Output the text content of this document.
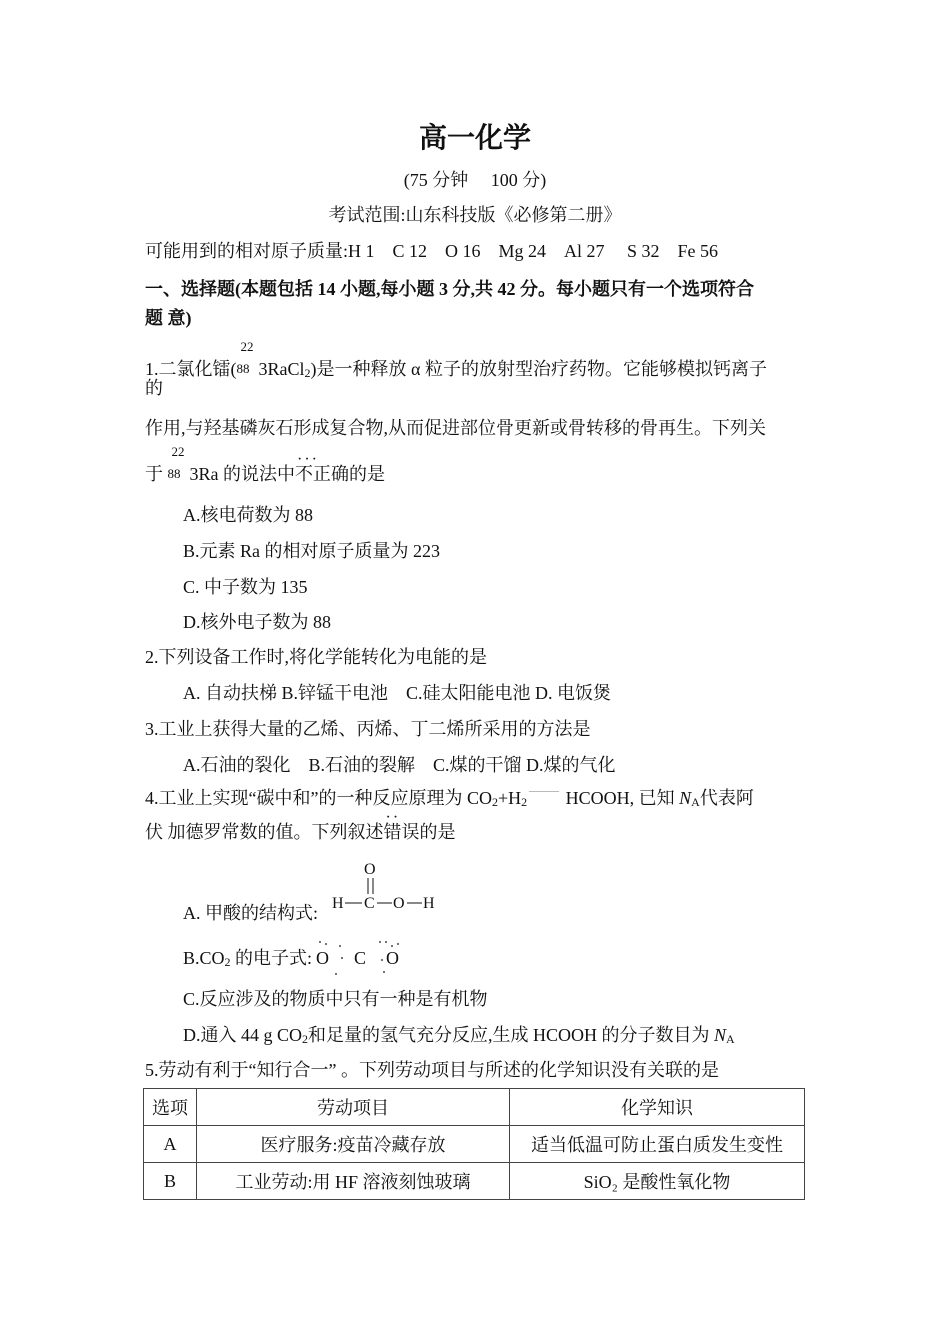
高一化学
(75 分钟　 100 分)
考试范围:山东科技版《必修第二册》
可能用到的相对原子质量:H 1　C 12　O 16　Mg 24　Al 27　 S 32　Fe 56
一、选择题(本题包括 14 小题,每小题 3 分,共 42 分。每小题只有一个选项符合
题 意)
1.二氯化镭(
22
88 3RaCl$_2$)是一种释放 α 粒子的放射型治疗药物。它能够模拟钙离子
的
作用,与羟基磷灰石形成复合物,从而促进部位骨更新或骨转移的骨再生。下列关
于
22
88 3Ra 的说法中· · 不正确的是
A.核电荷数为 88
B.元素 Ra 的相对原子质量为 223
C. 中子数为 135
D.核外电子数为 88
2.下列设备工作时,将化学能转化为电能的是
A. 自动扶梯 B.锌锰干电池　C.硅太阳能电池 D. 电饭煲
3.工业上获得大量的乙烯、丙烯、丁二烯所采用的方法是
A.石油的裂化　B.石油的裂解　C.煤的干馏 D.煤的气化
4.工业上实现“碳中和”的一种反应原理为 $CO_2+H_2$ HCOOH, 已知 $N_A$代表阿
伏 加德罗常数的值。下列叙述· · 错误的是
A. 甲酸的结构式:
O
H C O H
$B.CO_2$ 的电子式: O C O
C.反应涉及的物质中只有一种是有机物
D.通入 44 g $CO_2$和足量的氢气充分反应,生成 HCOOH 的分子数目为 $N_A$
5.劳动有利于“知行合一” 。下列劳动项目与所述的化学知识没有关联的是
选项	劳动项目	化学知识
A	医疗服务:疫苗冷藏存放	适当低温可防止蛋白质发生变性
B	工业劳动:用 HF 溶液刻蚀玻璃	SiO₂ 是酸性氧化物
